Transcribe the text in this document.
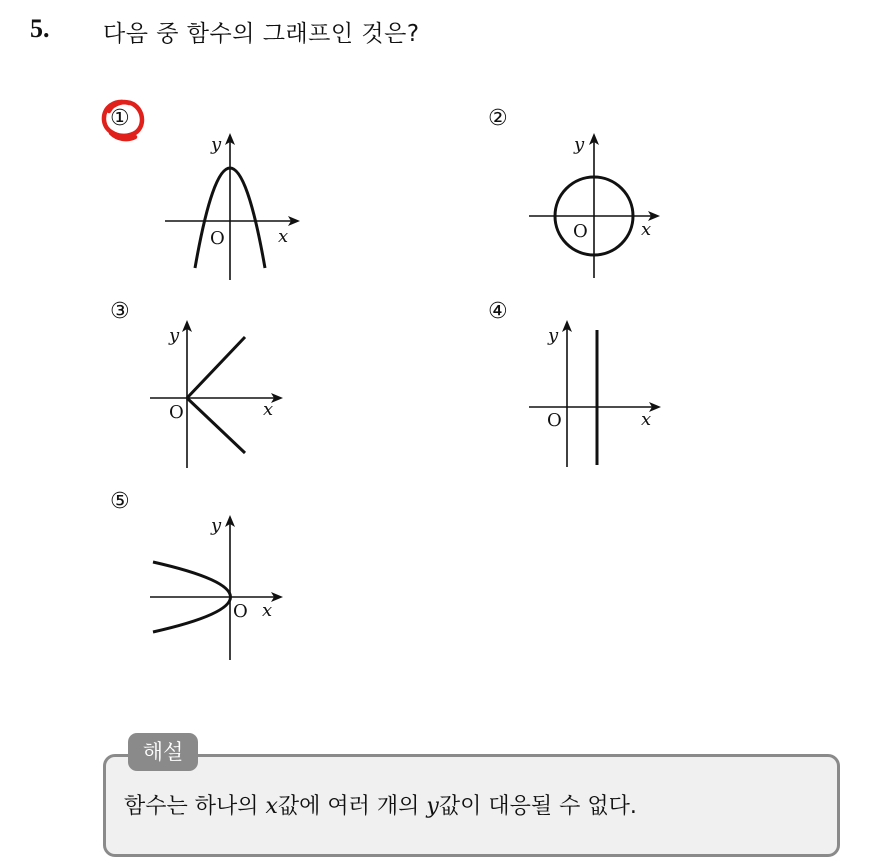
5. 다음 중 함수의 그래프인 것은?
①
y
x
O
②
y
x
O
③
y
x
O
④
y
x
O
⑤
y
x
O
해설
함수는 하나의 x값에 여러 개의 y값이 대응될 수 없다.
